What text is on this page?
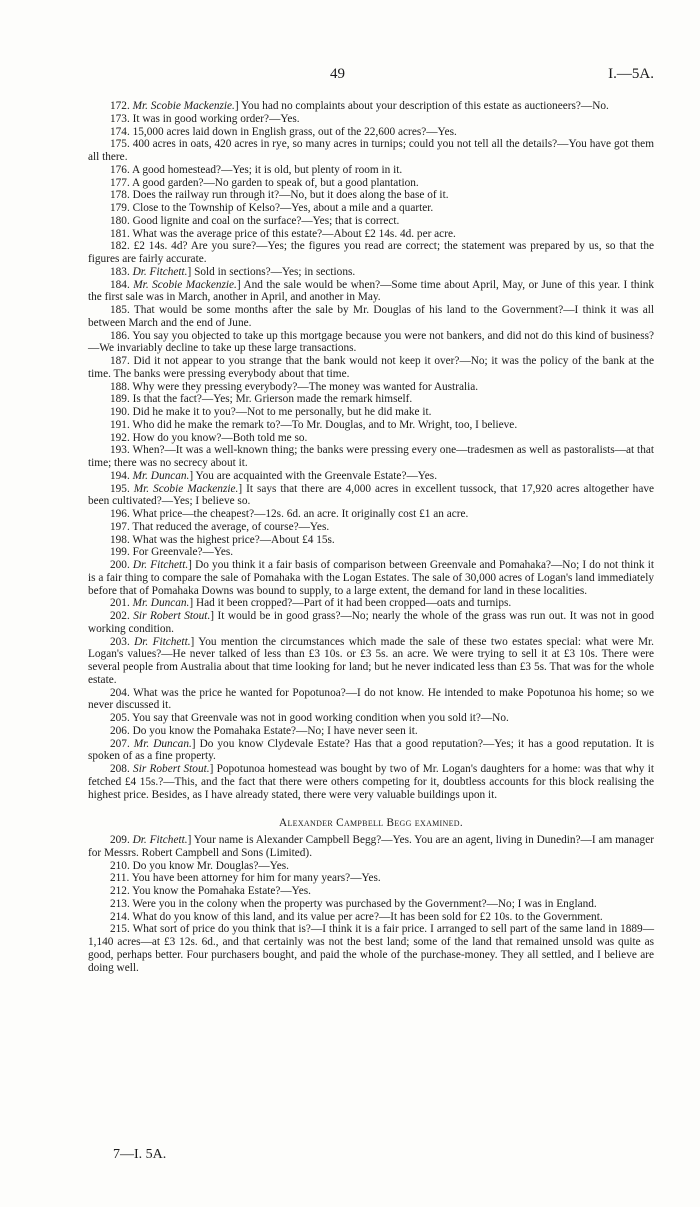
49	I.—5A.

172. Mr. Scobie Mackenzie.] You had no complaints about your description of this estate as auctioneers?—No.

173. It was in good working order?—Yes.

174. 15,000 acres laid down in English grass, out of the 22,600 acres?—Yes.

175. 400 acres in oats, 420 acres in rye, so many acres in turnips; could you not tell all the details?—You have got them all there.

176. A good homestead?—Yes; it is old, but plenty of room in it.

177. A good garden?—No garden to speak of, but a good plantation.

178. Does the railway run through it?—No, but it does along the base of it.

179. Close to the Township of Kelso?—Yes, about a mile and a quarter.

180. Good lignite and coal on the surface?—Yes; that is correct.

181. What was the average price of this estate?—About £2 14s. 4d. per acre.

182. £2 14s. 4d? Are you sure?—Yes; the figures you read are correct; the statement was prepared by us, so that the figures are fairly accurate.

183. Dr. Fitchett.] Sold in sections?—Yes; in sections.

184. Mr. Scobie Mackenzie.] And the sale would be when?—Some time about April, May, or June of this year. I think the first sale was in March, another in April, and another in May.

185. That would be some months after the sale by Mr. Douglas of his land to the Government?—I think it was all between March and the end of June.

186. You say you objected to take up this mortgage because you were not bankers, and did not do this kind of business?—We invariably decline to take up these large transactions.

187. Did it not appear to you strange that the bank would not keep it over?—No; it was the policy of the bank at the time. The banks were pressing everybody about that time.

188. Why were they pressing everybody?—The money was wanted for Australia.

189. Is that the fact?—Yes; Mr. Grierson made the remark himself.

190. Did he make it to you?—Not to me personally, but he did make it.

191. Who did he make the remark to?—To Mr. Douglas, and to Mr. Wright, too, I believe.

192. How do you know?—Both told me so.

193. When?—It was a well-known thing; the banks were pressing every one—tradesmen as well as pastoralists—at that time; there was no secrecy about it.

194. Mr. Duncan.] You are acquainted with the Greenvale Estate?—Yes.

195. Mr. Scobie Mackenzie.] It says that there are 4,000 acres in excellent tussock, that 17,920 acres altogether have been cultivated?—Yes; I believe so.

196. What price—the cheapest?—12s. 6d. an acre. It originally cost £1 an acre.

197. That reduced the average, of course?—Yes.

198. What was the highest price?—About £4 15s.

199. For Greenvale?—Yes.

200. Dr. Fitchett.] Do you think it a fair basis of comparison between Greenvale and Pomahaka?—No; I do not think it is a fair thing to compare the sale of Pomahaka with the Logan Estates. The sale of 30,000 acres of Logan's land immediately before that of Pomahaka Downs was bound to supply, to a large extent, the demand for land in these localities.

201. Mr. Duncan.] Had it been cropped?—Part of it had been cropped—oats and turnips.

202. Sir Robert Stout.] It would be in good grass?—No; nearly the whole of the grass was run out. It was not in good working condition.

203. Dr. Fitchett.] You mention the circumstances which made the sale of these two estates special: what were Mr. Logan's values?—He never talked of less than £3 10s. or £3 5s. an acre. We were trying to sell it at £3 10s. There were several people from Australia about that time looking for land; but he never indicated less than £3 5s. That was for the whole estate.

204. What was the price he wanted for Popotunoa?—I do not know. He intended to make Popotunoa his home; so we never discussed it.

205. You say that Greenvale was not in good working condition when you sold it?—No.

206. Do you know the Pomahaka Estate?—No; I have never seen it.

207. Mr. Duncan.] Do you know Clydevale Estate? Has that a good reputation?—Yes; it has a good reputation. It is spoken of as a fine property.

208. Sir Robert Stout.] Popotunoa homestead was bought by two of Mr. Logan's daughters for a home: was that why it fetched £4 15s.?—This, and the fact that there were others competing for it, doubtless accounts for this block realising the highest price. Besides, as I have already stated, there were very valuable buildings upon it.

Alexander Campbell Begg examined.

209. Dr. Fitchett.] Your name is Alexander Campbell Begg?—Yes. You are an agent, living in Dunedin?—I am manager for Messrs. Robert Campbell and Sons (Limited).

210. Do you know Mr. Douglas?—Yes.

211. You have been attorney for him for many years?—Yes.

212. You know the Pomahaka Estate?—Yes.

213. Were you in the colony when the property was purchased by the Government?—No; I was in England.

214. What do you know of this land, and its value per acre?—It has been sold for £2 10s. to the Government.

215. What sort of price do you think that is?—I think it is a fair price. I arranged to sell part of the same land in 1889—1,140 acres—at £3 12s. 6d., and that certainly was not the best land; some of the land that remained unsold was quite as good, perhaps better. Four purchasers bought, and paid the whole of the purchase-money. They all settled, and I believe are doing well.

7—I. 5A.
